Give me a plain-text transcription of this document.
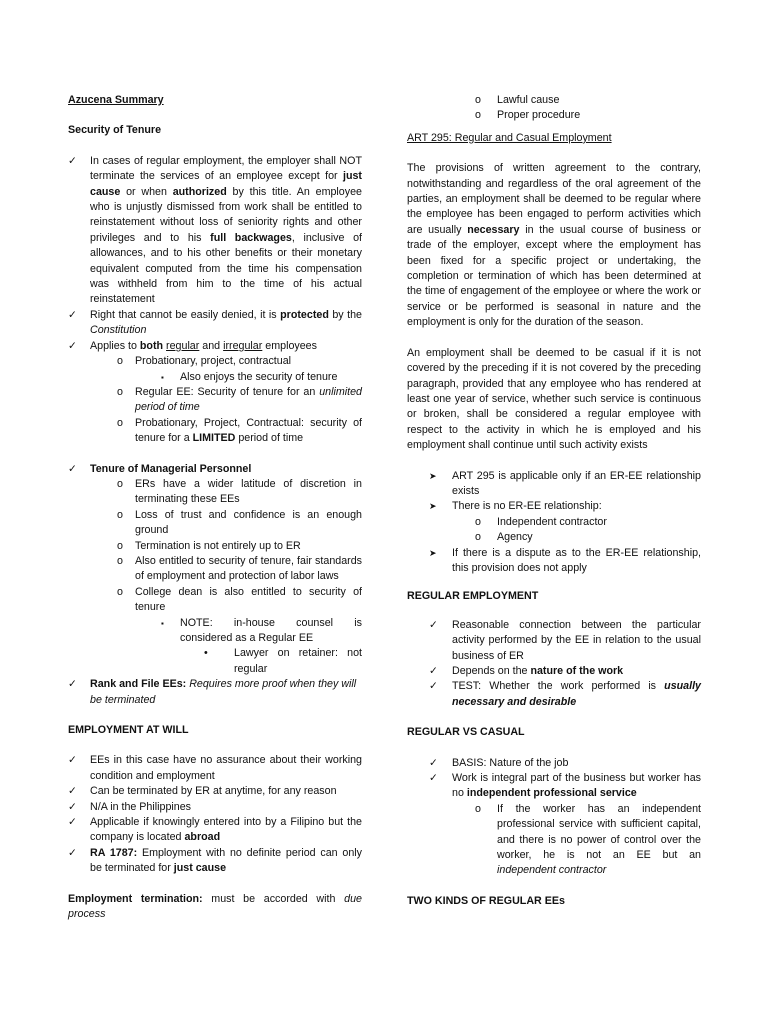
Azucena Summary
Security of Tenure
✓ In cases of regular employment, the employer shall NOT terminate the services of an employee except for just cause or when authorized by this title. An employee who is unjustly dismissed from work shall be entitled to reinstatement without loss of seniority rights and other privileges and to his full backwages, inclusive of allowances, and to his other benefits or their monetary equivalent computed from the time his compensation was withheld from him to the time of his actual reinstatement
✓ Right that cannot be easily denied, it is protected by the Constitution
✓ Applies to both regular and irregular employees
o Probationary, project, contractual
▪ Also enjoys the security of tenure
o Regular EE: Security of tenure for an unlimited period of time
o Probationary, Project, Contractual: security of tenure for a LIMITED period of time
✓ Tenure of Managerial Personnel
o ERs have a wider latitude of discretion in terminating these EEs
o Loss of trust and confidence is an enough ground
o Termination is not entirely up to ER
o Also entitled to security of tenure, fair standards of employment and protection of labor laws
o College dean is also entitled to security of tenure
▪ NOTE: in-house counsel is considered as a Regular EE
• Lawyer on retainer: not regular
✓ Rank and File EEs: Requires more proof when they will be terminated
EMPLOYMENT AT WILL
✓ EEs in this case have no assurance about their working condition and employment
✓ Can be terminated by ER at anytime, for any reason
✓ N/A in the Philippines
✓ Applicable if knowingly entered into by a Filipino but the company is located abroad
✓ RA 1787: Employment with no definite period can only be terminated for just cause
Employment termination: must be accorded with due process
o Lawful cause
o Proper procedure
ART 295: Regular and Casual Employment
The provisions of written agreement to the contrary, notwithstanding and regardless of the oral agreement of the parties, an employment shall be deemed to be regular where the employee has been engaged to perform activities which are usually necessary in the usual course of business or trade of the employer, except where the employment has been fixed for a specific project or undertaking, the completion or termination of which has been determined at the time of engagement of the employee or where the work or service or be performed is seasonal in nature and the employment is only for the duration of the season.
An employment shall be deemed to be casual if it is not covered by the preceding if it is not covered by the preceding paragraph, provided that any employee who has rendered at least one year of service, whether such service is continuous or broken, shall be considered a regular employee with respect to the activity in which he is employed and his employment shall continue until such activity exists
➤ ART 295 is applicable only if an ER-EE relationship exists
➤ There is no ER-EE relationship:
o Independent contractor
o Agency
➤ If there is a dispute as to the ER-EE relationship, this provision does not apply
REGULAR EMPLOYMENT
✓ Reasonable connection between the particular activity performed by the EE in relation to the usual business of ER
✓ Depends on the nature of the work
✓ TEST: Whether the work performed is usually necessary and desirable
REGULAR VS CASUAL
✓ BASIS: Nature of the job
✓ Work is integral part of the business but worker has no independent professional service
o If the worker has an independent professional service with sufficient capital, and there is no power of control over the worker, he is not an EE but an independent contractor
TWO KINDS OF REGULAR EEs
